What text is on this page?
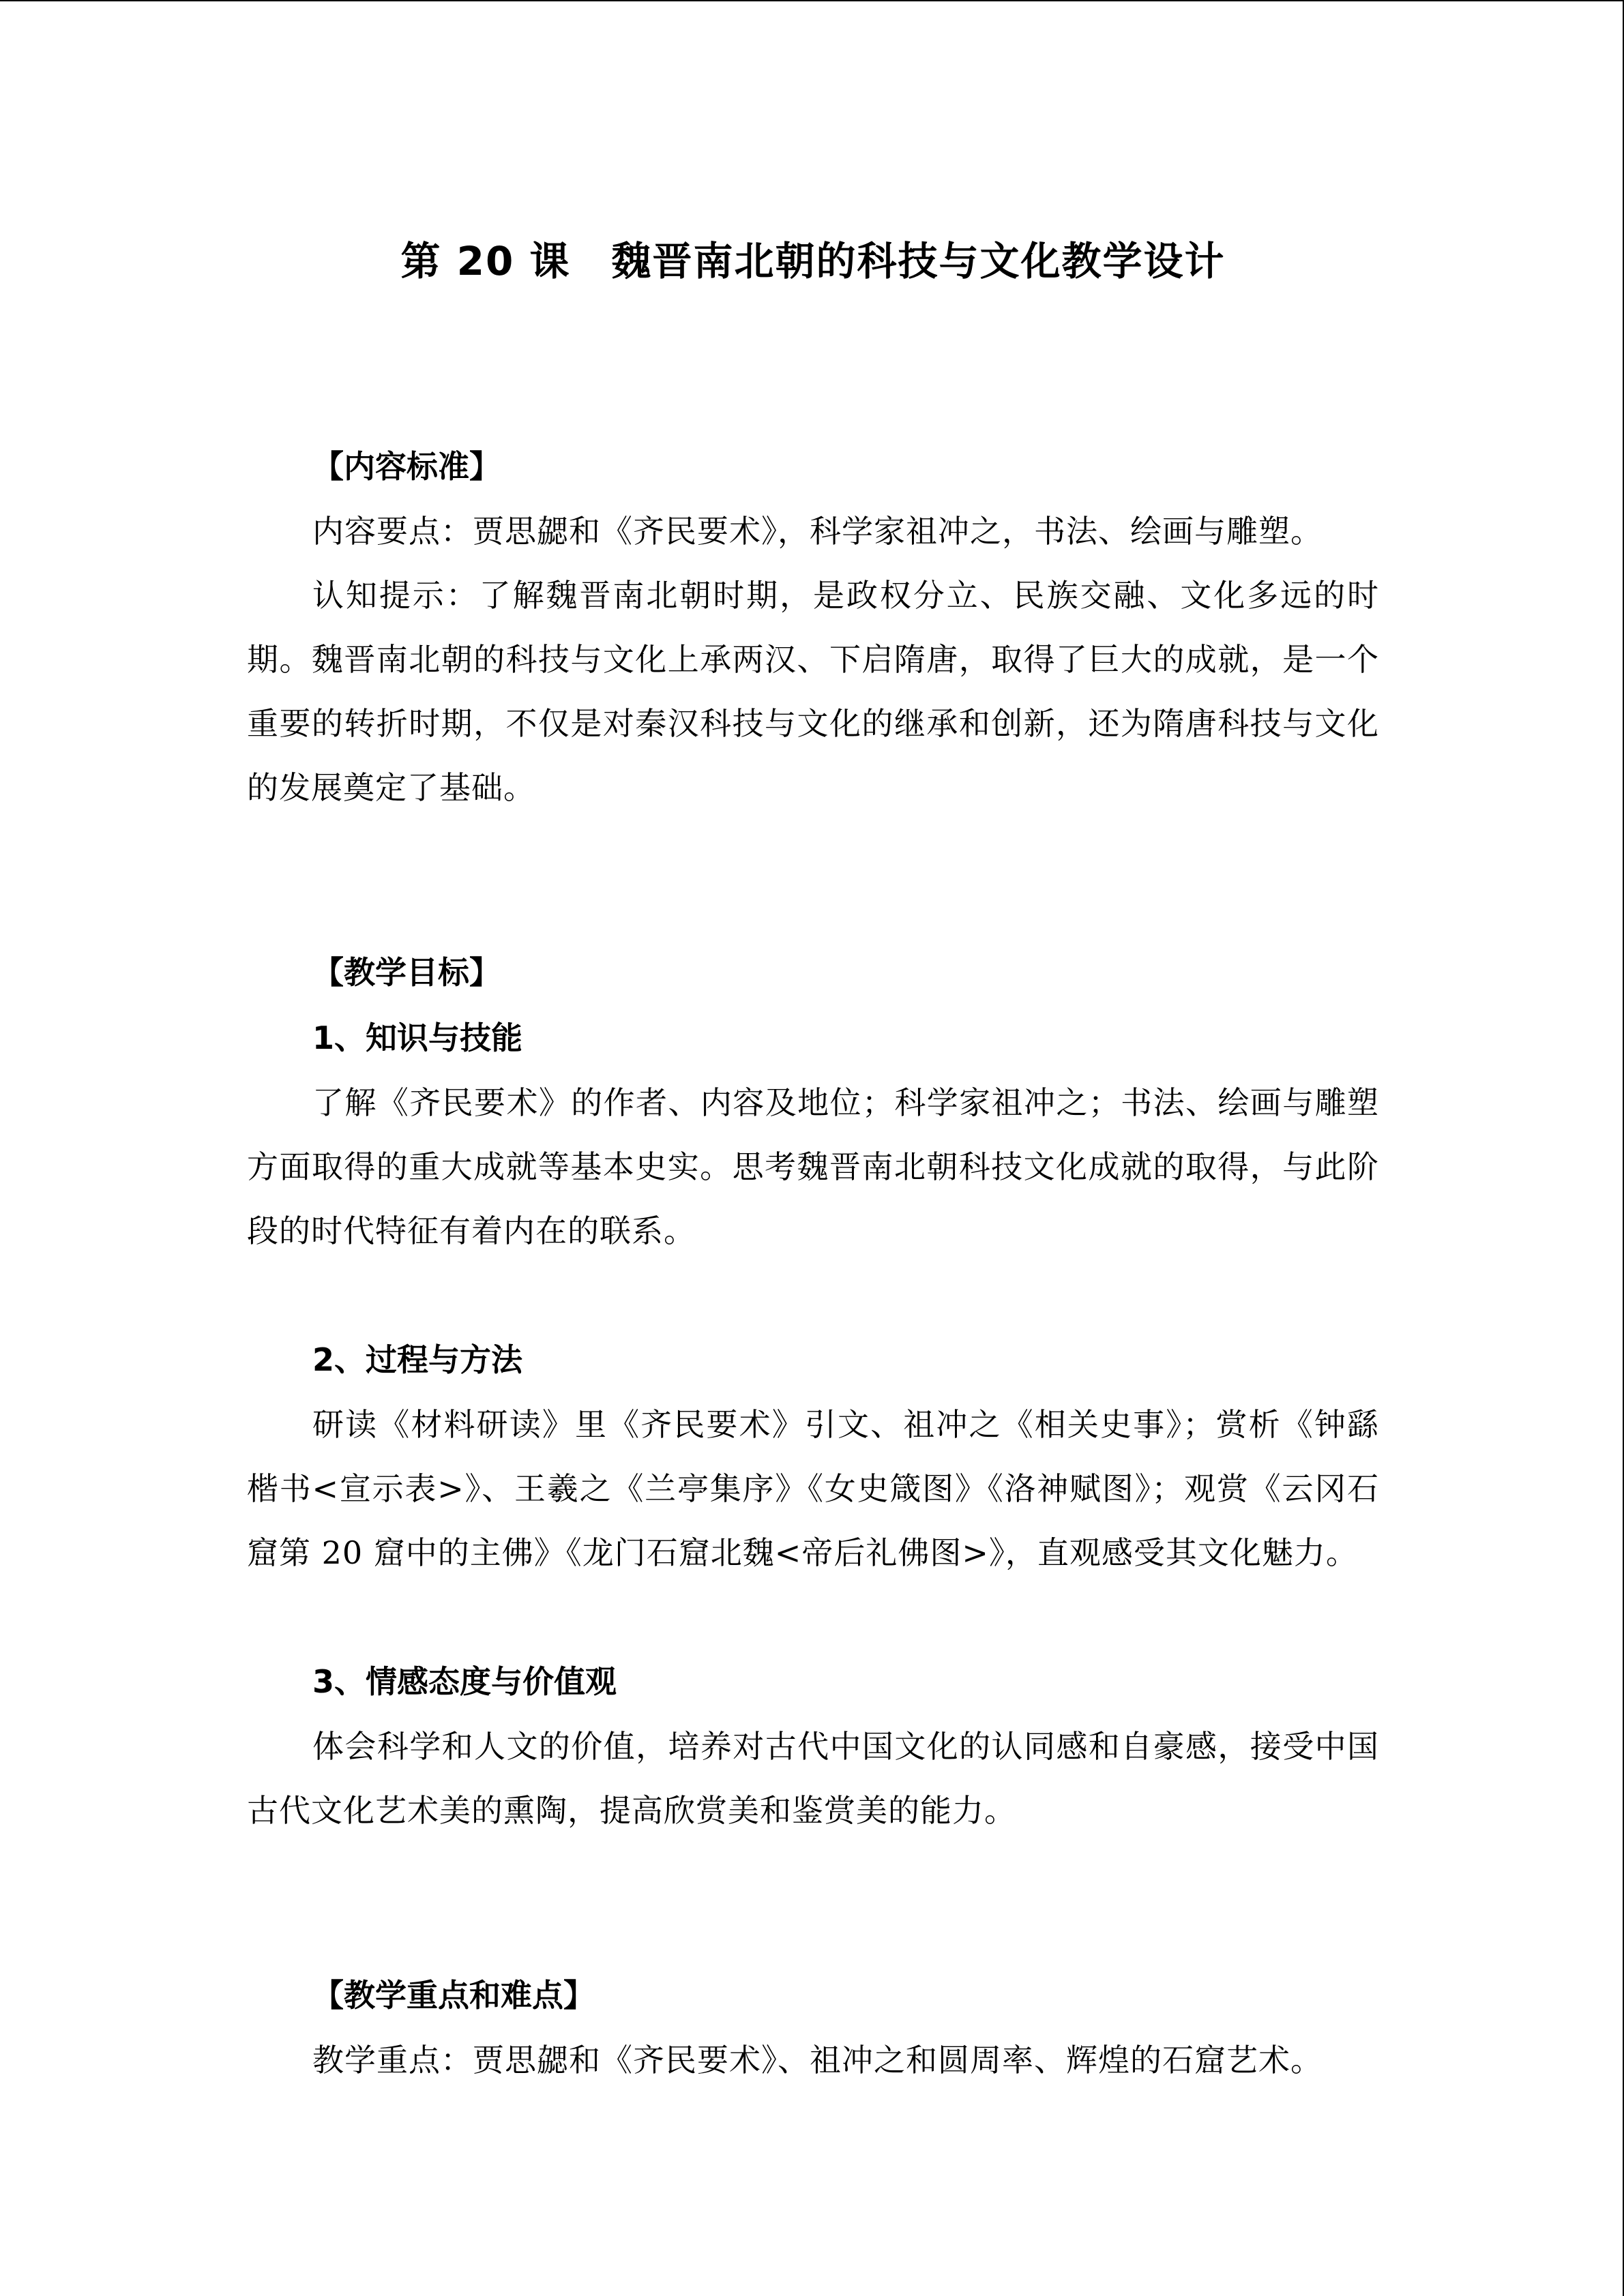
第 20 课　魏晋南北朝的科技与文化教学设计
【内容标准】

内容要点：贾思勰和《齐民要术》，科学家祖冲之，书法、绘画与雕塑。

认知提示：了解魏晋南北朝时期，是政权分立、民族交融、文化多远的时期。魏晋南北朝的科技与文化上承两汉、下启隋唐，取得了巨大的成就，是一个重要的转折时期，不仅是对秦汉科技与文化的继承和创新，还为隋唐科技与文化的发展奠定了基础。

【教学目标】
1、知识与技能

了解《齐民要术》的作者、内容及地位；科学家祖冲之；书法、绘画与雕塑方面取得的重大成就等基本史实。思考魏晋南北朝科技文化成就的取得，与此阶段的时代特征有着内在的联系。

2、过程与方法

研读《材料研读》里《齐民要术》引文、祖冲之《相关史事》；赏析《钟繇楷书<宣示表>》、王羲之《兰亭集序》《女史箴图》《洛神赋图》；观赏《云冈石窟第 20 窟中的主佛》《龙门石窟北魏<帝后礼佛图>》，直观感受其文化魅力。

3、情感态度与价值观

体会科学和人文的价值，培养对古代中国文化的认同感和自豪感，接受中国古代文化艺术美的熏陶，提高欣赏美和鉴赏美的能力。

【教学重点和难点】

教学重点：贾思勰和《齐民要术》、祖冲之和圆周率、辉煌的石窟艺术。
